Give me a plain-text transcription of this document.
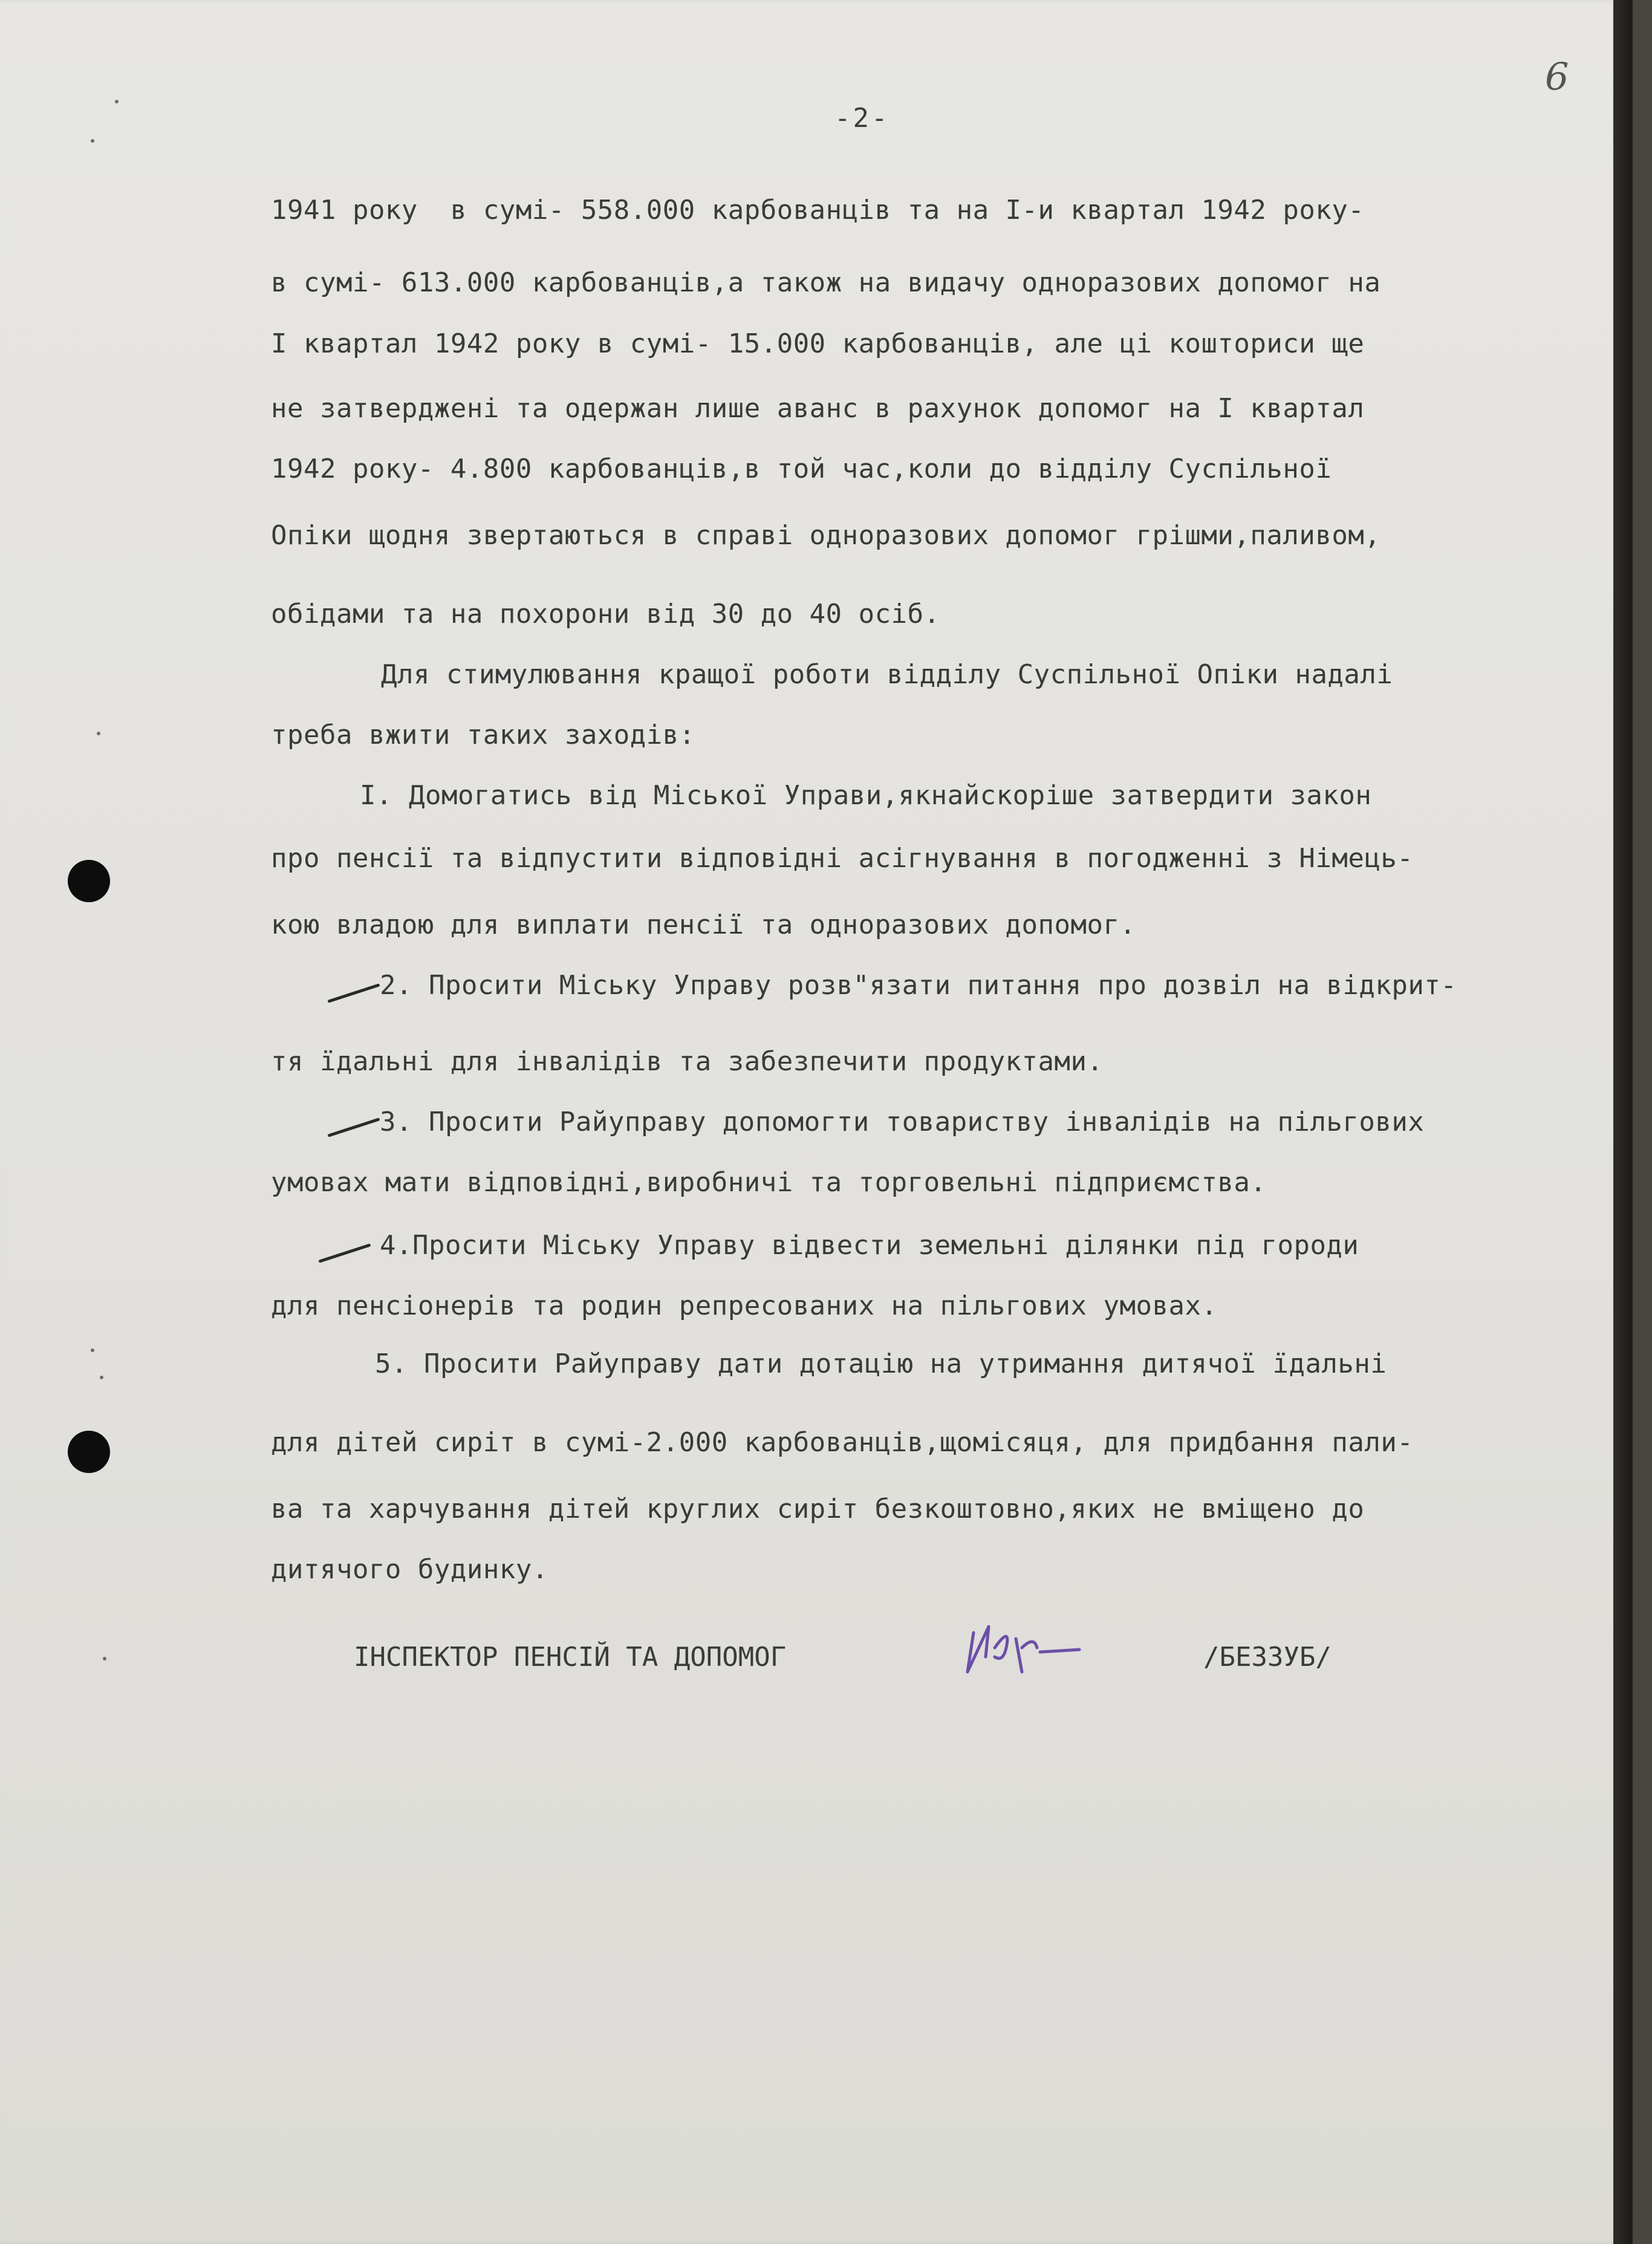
-2-
6
1941 року  в сумі- 558.000 карбованців та на І-и квартал 1942 року-
в сумі- 613.000 карбованців,а також на видачу одноразових допомог на
І квартал 1942 року в сумі- 15.000 карбованців, але ці кошториси ще
не затверджені та одержан лише аванс в рахунок допомог на І квартал
1942 року- 4.800 карбованців,в той час,коли до відділу Суспільної
Опіки щодня звертаються в справі одноразових допомог грішми,паливом,
обідами та на похорони від 30 до 40 осіб.
Для стимулювання кращої роботи відділу Суспільної Опіки надалі
треба вжити таких заходів:
І. Домогатись від Міської Управи,якнайскоріше затвердити закон
про пенсії та відпустити відповідні асігнування в погодженні з Німець-
кою владою для виплати пенсії та одноразових допомог.
2. Просити Міську Управу розв"язати питання про дозвіл на відкрит-
тя їдальні для інвалідів та забезпечити продуктами.
3. Просити Райуправу допомогти товариству інвалідів на пільгових
умовах мати відповідні,виробничі та торговельні підприємства.
4.Просити Міську Управу відвести земельні ділянки під городи
для пенсіонерів та родин репресованих на пільгових умовах.
5. Просити Райуправу дати дотацію на утримання дитячої їдальні
для дітей сиріт в сумі-2.000 карбованців,щомісяця, для придбання пали-
ва та харчування дітей круглих сиріт безкоштовно,яких не вміщено до
дитячого будинку.
ІНСПЕКТОР ПЕНСІЙ ТА ДОПОМОГ	/БЕЗЗУБ/
